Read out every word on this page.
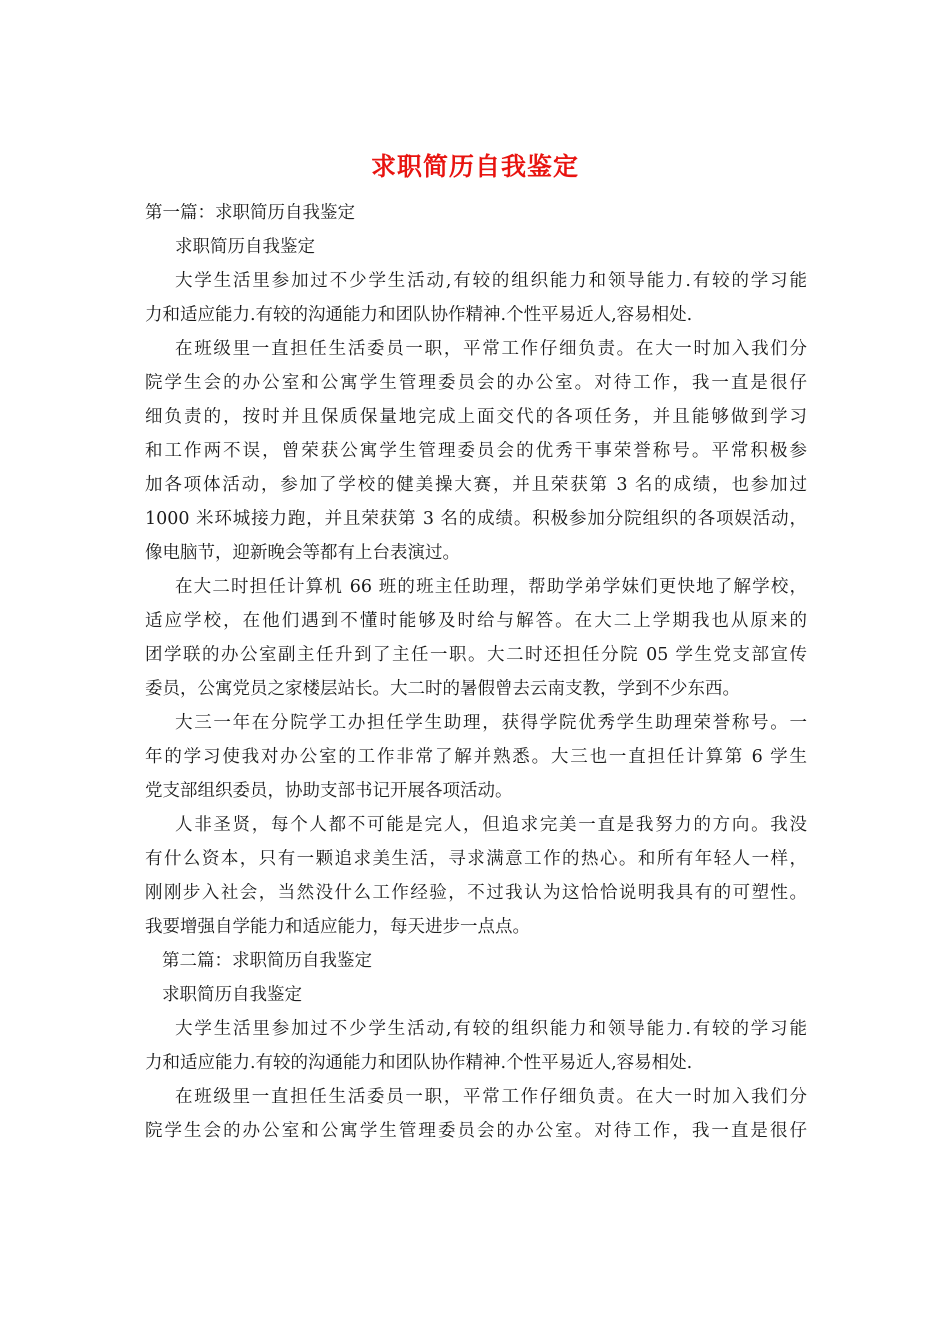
求职简历自我鉴定
第一篇：求职简历自我鉴定
求职简历自我鉴定
大学生活里参加过不少学生活动,有较的组织能力和领导能力.有较的学习能
力和适应能力.有较的沟通能力和团队协作精神.个性平易近人,容易相处.
在班级里一直担任生活委员一职，平常工作仔细负责。在大一时加入我们分
院学生会的办公室和公寓学生管理委员会的办公室。对待工作，我一直是很仔
细负责的，按时并且保质保量地完成上面交代的各项任务，并且能够做到学习
和工作两不误，曾荣获公寓学生管理委员会的优秀干事荣誉称号。平常积极参
加各项体活动，参加了学校的健美操大赛，并且荣获第 3 名的成绩，也参加过
1000 米环城接力跑，并且荣获第 3 名的成绩。积极参加分院组织的各项娱活动，
像电脑节，迎新晚会等都有上台表演过。
在大二时担任计算机 66 班的班主任助理，帮助学弟学妹们更快地了解学校，
适应学校，在他们遇到不懂时能够及时给与解答。在大二上学期我也从原来的
团学联的办公室副主任升到了主任一职。大二时还担任分院 05 学生党支部宣传
委员，公寓党员之家楼层站长。大二时的暑假曾去云南支教，学到不少东西。
大三一年在分院学工办担任学生助理，获得学院优秀学生助理荣誉称号。一
年的学习使我对办公室的工作非常了解并熟悉。大三也一直担任计算第 6 学生
党支部组织委员，协助支部书记开展各项活动。
人非圣贤，每个人都不可能是完人，但追求完美一直是我努力的方向。我没
有什么资本，只有一颗追求美生活，寻求满意工作的热心。和所有年轻人一样，
刚刚步入社会，当然没什么工作经验，不过我认为这恰恰说明我具有的可塑性。
我要增强自学能力和适应能力，每天进步一点点。
第二篇：求职简历自我鉴定
求职简历自我鉴定
大学生活里参加过不少学生活动,有较的组织能力和领导能力.有较的学习能
力和适应能力.有较的沟通能力和团队协作精神.个性平易近人,容易相处.
在班级里一直担任生活委员一职，平常工作仔细负责。在大一时加入我们分
院学生会的办公室和公寓学生管理委员会的办公室。对待工作，我一直是很仔
